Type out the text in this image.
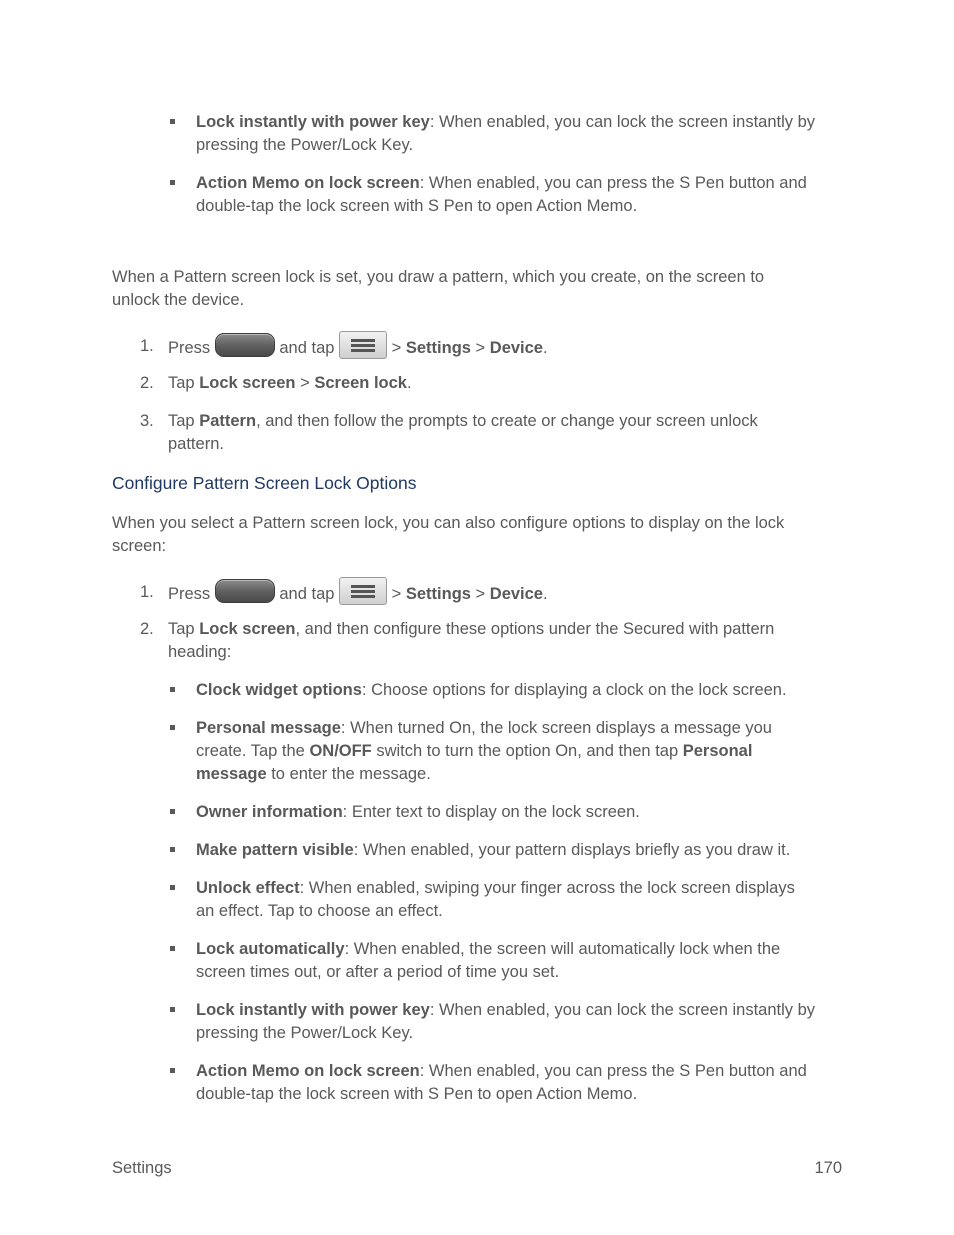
Lock instantly with power key: When enabled, you can lock the screen instantly by
pressing the Power/Lock Key.
Action Memo on lock screen: When enabled, you can press the S Pen button and
double-tap the lock screen with S Pen to open Action Memo.
When a Pattern screen lock is set, you draw a pattern, which you create, on the screen to
unlock the device.
1. Press	and tap	> Settings > Device.
2. Tap Lock screen > Screen lock.
3. Tap Pattern, and then follow the prompts to create or change your screen unlock
pattern.
Configure Pattern Screen Lock Options
When you select a Pattern screen lock, you can also configure options to display on the lock
screen:
1. Press	and tap	> Settings > Device.
2. Tap Lock screen, and then configure these options under the Secured with pattern
heading:
Clock widget options: Choose options for displaying a clock on the lock screen.
Personal message: When turned On, the lock screen displays a message you
create. Tap the ON/OFF switch to turn the option On, and then tap Personal
message to enter the message.
Owner information: Enter text to display on the lock screen.
Make pattern visible: When enabled, your pattern displays briefly as you draw it.
Unlock effect: When enabled, swiping your finger across the lock screen displays
an effect. Tap to choose an effect.
Lock automatically: When enabled, the screen will automatically lock when the
screen times out, or after a period of time you set.
Lock instantly with power key: When enabled, you can lock the screen instantly by
pressing the Power/Lock Key.
Action Memo on lock screen: When enabled, you can press the S Pen button and
double-tap the lock screen with S Pen to open Action Memo.
Settings	170
